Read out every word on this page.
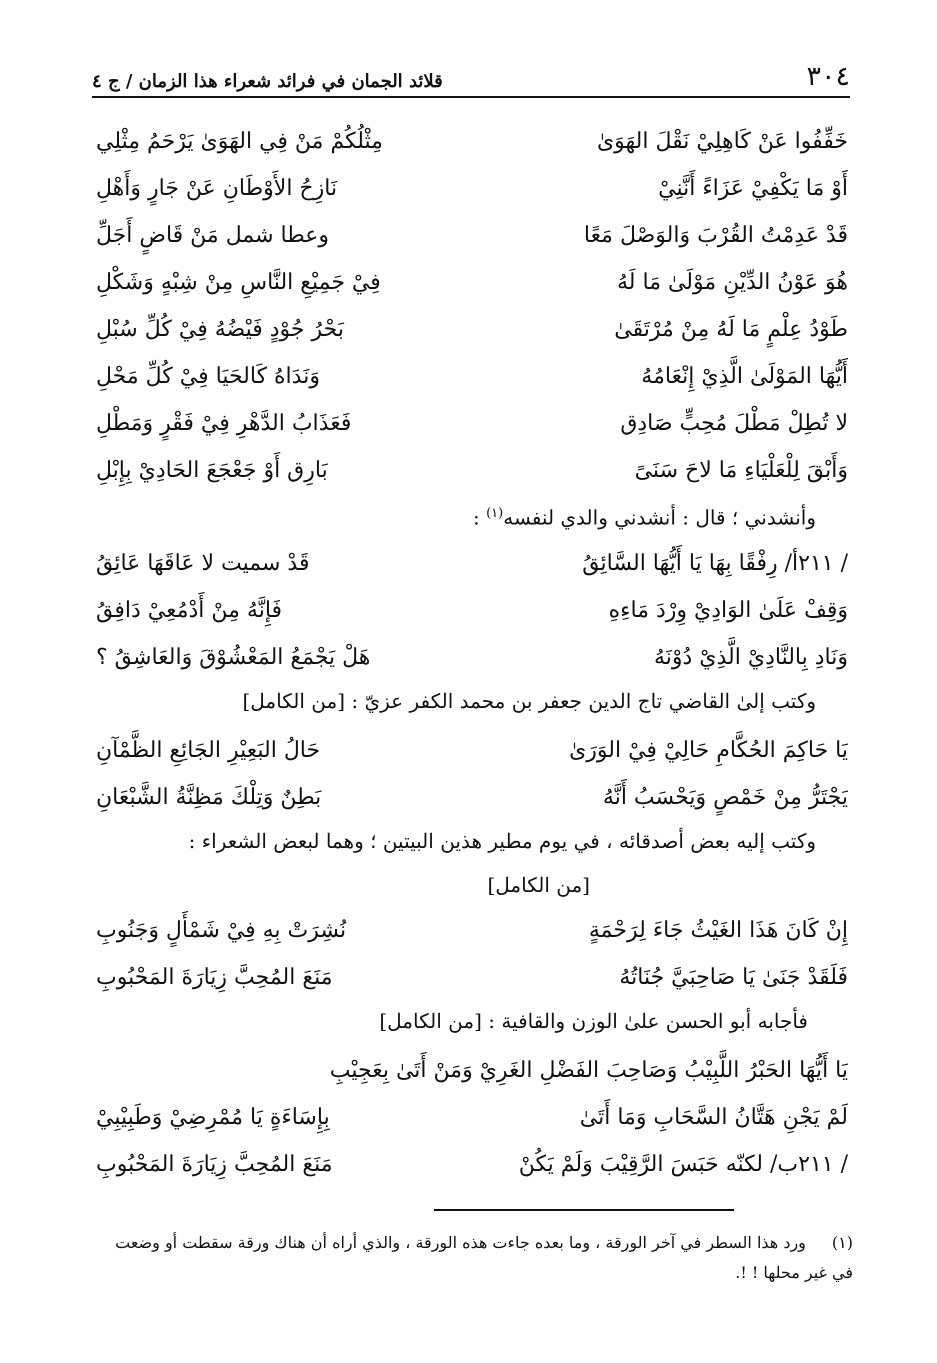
٣٠٤
قلائد الجمان في فرائد شعراء هذا الزمان / ج ٤
خَفِّفُوا عَنْ كَاهِلِيْ نَقْلَ الهَوَىٰ
مِثْلُكُمْ مَنْ فِي الهَوَىٰ يَرْحَمُ مِثْلِي
أَوْ مَا يَكْفِيْ عَزَاءً أَنَّنِيْ
نَازِحُ الأَوْطَانِ عَنْ جَارٍ وَأَهْلِ
قَدْ عَدِمْتُ القُرْبَ وَالوَصْلَ مَعًا
وعطا شمل مَنْ قَاضٍ أَجَلِّ
هُوَ عَوْنُ الدِّيْنِ مَوْلَىٰ مَا لَهُ
فِيْ جَمِيْعِ النَّاسِ مِنْ شِبْهٍ وَشَكْلِ
طَوْدُ عِلْمٍ مَا لَهُ مِنْ مُرْتَقَىٰ
بَحْرُ جُوْدٍ فَيْضُهُ فِيْ كُلِّ سُبْلِ
أَيُّهَا المَوْلَىٰ الَّذِيْ إِنْعَامُهُ
وَنَدَاهُ كَالحَيَا فِيْ كُلِّ مَحْلِ
لا تُطِلْ مَطْلَ مُحِبٍّ صَادِق
فَعَذَابُ الدَّهْرِ فِيْ فَقْرٍ وَمَطْلِ
وَأَبْقَ لِلْعَلْيَاءِ مَا لاحَ سَنَىً
بَارِق أَوْ جَعْجَعَ الحَادِيْ بِإِبْلِ
وأنشدني ؛ قال : أنشدني والدي لنفسه$^{(١)}$ :
/ ٢١١أ/ رِفْقًا بِهَا يَا أَيُّهَا السَّائِقُ
قَدْ سميت لا عَاقَهَا عَائِقُ
وَقِفْ عَلَىٰ الوَادِيْ وِرْدَ مَاءِهِ
فَإِنَّهُ مِنْ أَدْمُعِيْ دَافِقُ
وَنَادِ بِالنَّادِيْ الَّذِيْ دُوْنَهُ
هَلْ يَجْمَعُ المَعْشُوْقَ وَالعَاشِقُ ؟
وكتب إلىٰ القاضي تاج الدين جعفر بن محمد الكفر عزيّ : [من الكامل]
يَا حَاكِمَ الحُكَّامِ حَالِيْ فِيْ الوَرَىٰ
حَالُ البَعِيْرِ الجَائِعِ الظَّمْآنِ
يَجْتَرُّ مِنْ خَمْصٍ وَيَحْسَبُ أَنَّهُ
بَطِنٌ وَتِلْكَ مَظِنَّةُ الشَّبْعَانِ
وكتب إليه بعض أصدقائه ، في يوم مطير هذين البيتين ؛ وهما لبعض الشعراء :
[من الكامل]
إِنْ كَانَ هَذَا الغَيْثُ جَاءَ لِرَحْمَةٍ
نُشِرَتْ بِهِ فِيْ شَمْأَلٍ وَجَنُوبِ
فَلَقَدْ جَنَىٰ يَا صَاحِبَيَّ جُنَاتُهُ
مَنَعَ المُحِبَّ زِيَارَةَ المَحْبُوبِ
فأجابه أبو الحسن علىٰ الوزن والقافية : [من الكامل]
يَا أَيُّهَا الحَبْرُ اللَّبِيْبُ وَصَاحِبَ الفَضْلِ الغَرِيْ وَمَنْ أَتَىٰ بِعَجِيْبِ
لَمْ يَجْنِ هَتَّانُ السَّحَابِ وَمَا أَتَىٰ
بِإِسَاءَةٍ يَا مُمْرِضِيْ وَطَبِيْبِيْ
/ ٢١١ب/ لكنّه حَبَسَ الرَّقِيْبَ وَلَمْ يَكُنْ
مَنَعَ المُحِبَّ زِيَارَةَ المَحْبُوبِ
(١)ورد هذا السطر في آخر الورقة ، وما بعده جاءت هذه الورقة ، والذي أراه أن هناك ورقة سقطت أو وضعت في غير محلها ! !.
